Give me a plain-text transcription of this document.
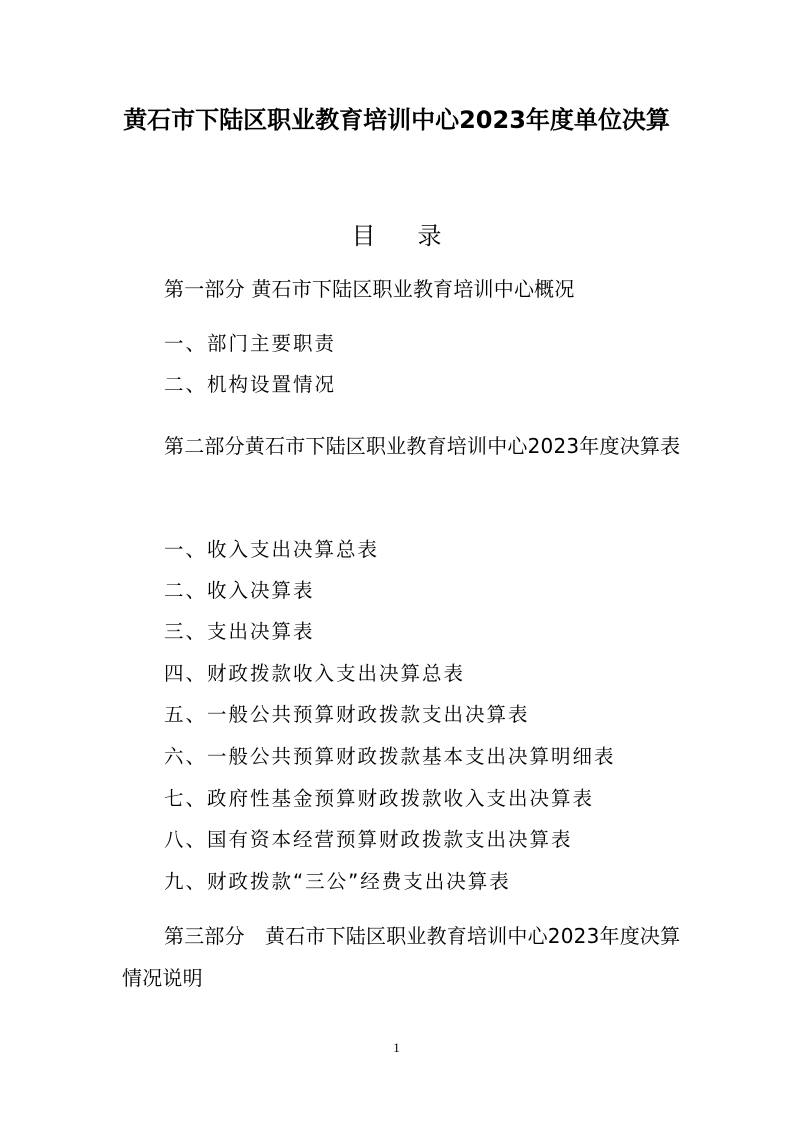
黄石市下陆区职业教育培训中心2023年度单位决算
目 录
第一部分 黄石市下陆区职业教育培训中心概况
一、部门主要职责
二、机构设置情况
第二部分黄石市下陆区职业教育培训中心2023年度决算表
一、收入支出决算总表
二、收入决算表
三、支出决算表
四、财政拨款收入支出决算总表
五、一般公共预算财政拨款支出决算表
六、一般公共预算财政拨款基本支出决算明细表
七、政府性基金预算财政拨款收入支出决算表
八、国有资本经营预算财政拨款支出决算表
九、财政拨款“三公”经费支出决算表
第三部分　黄石市下陆区职业教育培训中心2023年度决算情况说明
1
